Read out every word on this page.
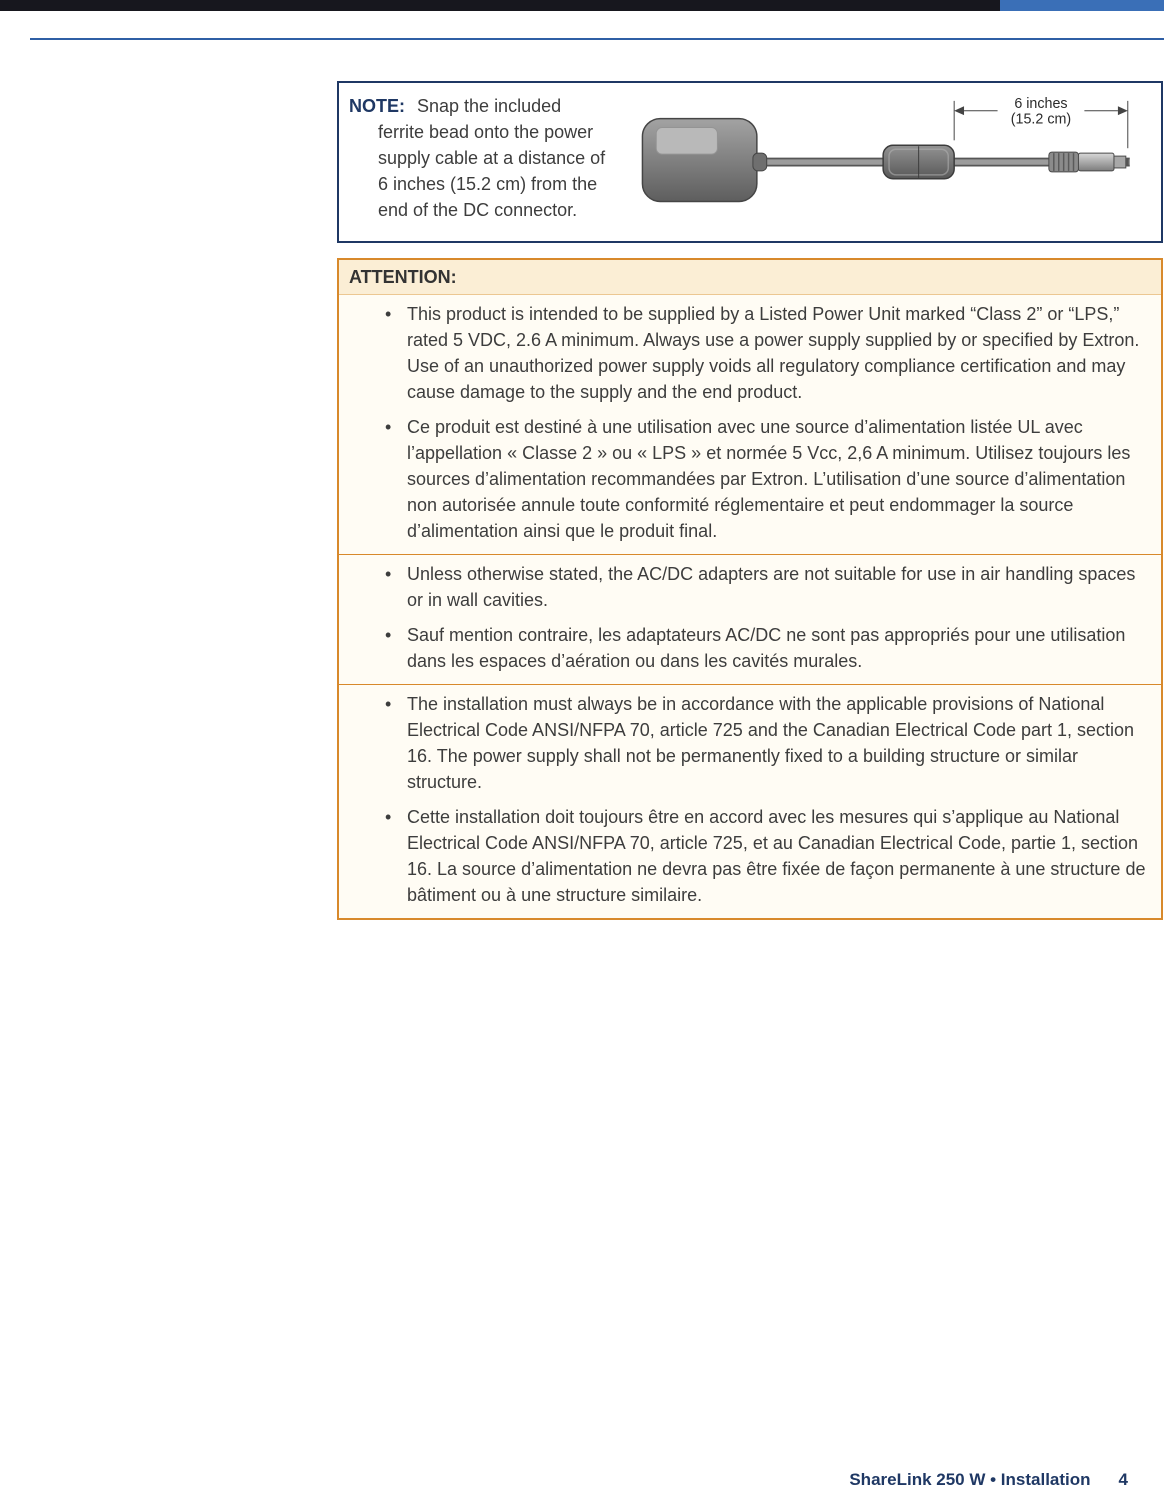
NOTE: Snap the included ferrite bead onto the power supply cable at a distance of 6 inches (15.2 cm) from the end of the DC connector.

6 inches (15.2 cm)
ATTENTION:
• This product is intended to be supplied by a Listed Power Unit marked “Class 2” or “LPS,” rated 5 VDC, 2.6 A minimum. Always use a power supply supplied by or specified by Extron. Use of an unauthorized power supply voids all regulatory compliance certification and may cause damage to the supply and the end product.
• Ce produit est destiné à une utilisation avec une source d’alimentation listée UL avec l’appellation « Classe 2 » ou « LPS » et normée 5 Vcc, 2,6 A minimum. Utilisez toujours les sources d’alimentation recommandées par Extron. L’utilisation d’une source d’alimentation non autorisée annule toute conformité réglementaire et peut endommager la source d’alimentation ainsi que le produit final.
• Unless otherwise stated, the AC/DC adapters are not suitable for use in air handling spaces or in wall cavities.
• Sauf mention contraire, les adaptateurs AC/DC ne sont pas appropriés pour une utilisation dans les espaces d’aération ou dans les cavités murales.
• The installation must always be in accordance with the applicable provisions of National Electrical Code ANSI/NFPA 70, article 725 and the Canadian Electrical Code part 1, section 16. The power supply shall not be permanently fixed to a building structure or similar structure.
• Cette installation doit toujours être en accord avec les mesures qui s’applique au National Electrical Code ANSI/NFPA 70, article 725, et au Canadian Electrical Code, partie 1, section 16. La source d’alimentation ne devra pas être fixée de façon permanente à une structure de bâtiment ou à une structure similaire.
ShareLink 250 W • Installation 4
